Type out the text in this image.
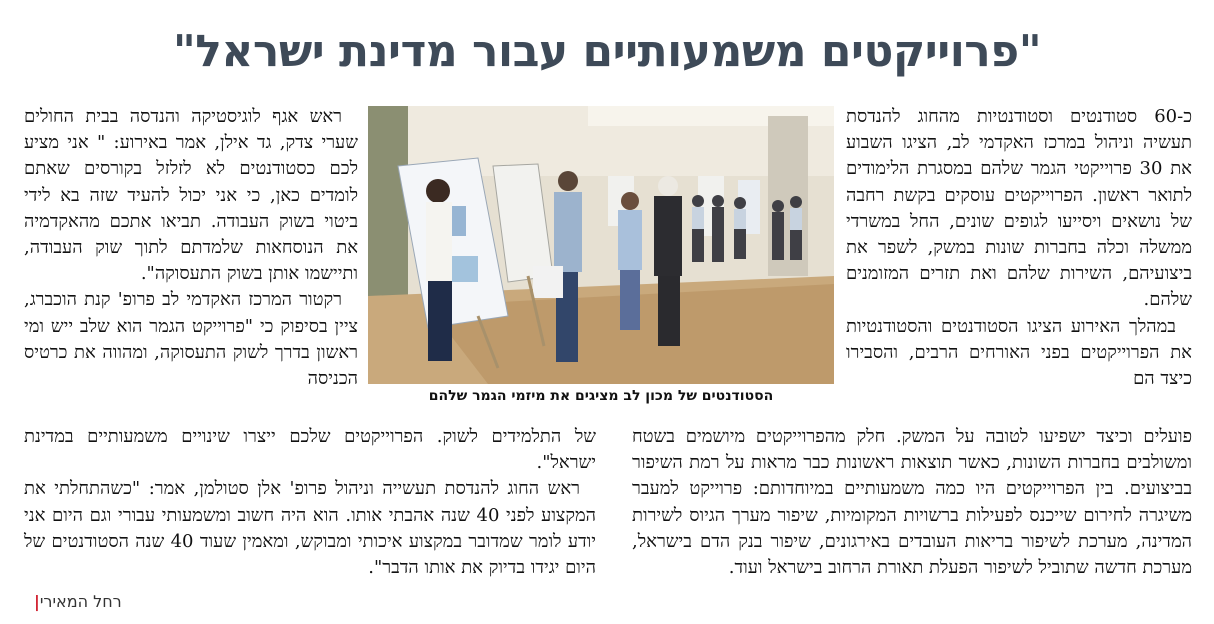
"פרוייקטים משמעותיים עבור מדינת ישראל"

כ-60 סטודנטים וסטודנטיות מהחוג להנדסת תעשיה וניהול במרכז האקדמי לב, הציגו השבוע את 30 פרוייקטי הגמר שלהם במסגרת הלימודים לתואר ראשון. הפרוייקטים עוסקים בקשת רחבה של נושאים ויסייעו לגופים שונים, החל במשרדי ממשלה וכלה בחברות שונות במשק, לשפר את ביצועיהם, השירות שלהם ואת תזרים המזומנים שלהם.

במהלך האירוע הציגו הסטודנטים והסטודנטיות את הפרוייקטים בפני האורחים הרבים, והסבירו כיצד הם

הסטודנטים של מכון לב מציגים את מיזמי הגמר שלהם

ראש אגף לוגיסטיקה והנדסה בבית החולים שערי צדק, גד אילן, אמר באירוע: " אני מציע לכם כסטודנטים לא לזלזל בקורסים שאתם לומדים כאן, כי אני יכול להעיד שזה בא לידי ביטוי בשוק העבודה. תביאו אתכם מהאקדמיה את הנוסחאות שלמדתם לתוך שוק העבודה, ותיישמו אותן בשוק התעסוקה".

רקטור המרכז האקדמי לב פרופ' קנת הוכברג, ציין בסיפוק כי "פרוייקט הגמר הוא שלב ייש ומי ראשון בדרך לשוק התעסוקה, ומהווה את כרטיס הכניסה

פועלים וכיצד ישפיעו לטובה על המשק. חלק מהפרוייקטים מיושמים בשטח ומשולבים בחברות השונות, כאשר תוצאות ראשונות כבר מראות על רמת השיפור בביצועים. בין הפרוייקטים היו כמה משמעותיים במיוחדותם: פרוייקט למעבר משיגרה לחירום שייכנס לפעילות ברשויות המקומיות, שיפור מערך הגיוס לשירות המדינה, מערכת לשיפור בריאות העובדים באירגונים, שיפור בנק הדם בישראל, מערכת חדשה שתוביל לשיפור הפעלת תאורת הרחוב בישראל ועוד.

של התלמידים לשוק. הפרוייקטים שלכם ייצרו שינויים משמעותיים במדינת ישראל".

ראש החוג להנדסת תעשייה וניהול פרופ' אלן סטולמן, אמר: "כשהתחלתי את המקצוע לפני 40 שנה אהבתי אותו. הוא היה חשוב ומשמעותי עבורי וגם היום אני יודע לומר שמדובר במקצוע איכותי ומבוקש, ומאמין שעוד 40 שנה הסטודנטים של היום יגידו בדיוק את אותו הדבר".

רחל המאירי|
